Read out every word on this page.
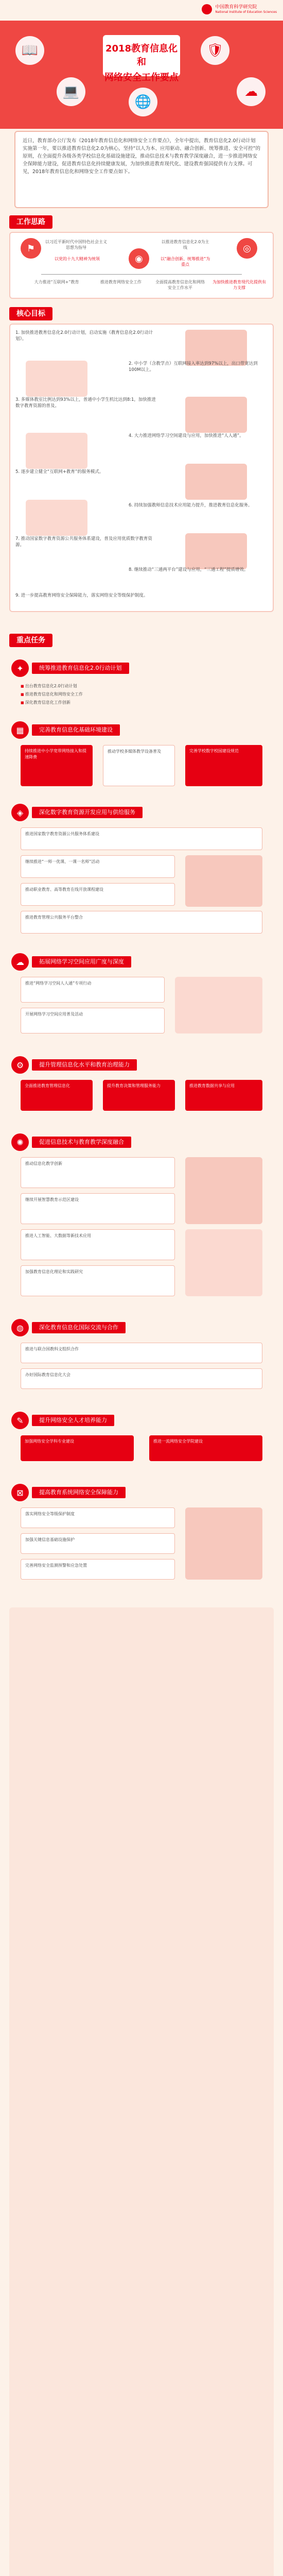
中国教育科学研究院
National Institute of Education Sciences
📖
💻
🛡
☁
🌐
2018教育信息化和
网络安全工作要点

近日，教育部办公厅发布《2018年教育信息化和网络安全工作要点》，全年中提出，教育信息化2.0行动计划实施第一年，要以推进教育信息化2.0为核心，坚持“以人为本、应用驱动、融合创新、统筹推进、安全可控”的原则，在全面提升各级各类学校信息化基础设施建设，推动信息技术与教育教学深度融合，进一步推进网络安全保障能力建设，促进教育信息化持续健康发展，为加快推进教育现代化、建设教育强国提供有力支撑。可见，2018年教育信息化和网络安全工作要点如下。

工作思路
⚑
以习近平新时代中国特色社会主义思想为指导
以党的十九大精神为统领	◉
以推进教育信息化2.0为主线
以“融合创新、统筹推进”为重点
◎
大力推进“互联网+”教育	推进教育网络安全工作	全面提高教育信息化和网络安全工作水平
为加快推进教育现代化提供有力支撑
核心目标
1. 加快推进教育信息化2.0行动计划，启动实施《教育信息化2.0行动计划》。
2. 中小学（含教学点）互联网接入率达到97%以上，出口带宽达到100M以上。
3. 多媒体教室比例达到93%以上，普通中小学生机比达到8:1，加快推进数字教育资源的普及。
4. 大力推进网络学习空间建设与应用，加快推进“人人通”。
5. 逐步建立健全“互联网+教育”的服务模式。
6. 持续加强教师信息技术应用能力提升，推进教育信息化服务。
7. 推动国家数字教育资源公共服务体系建设，普及应用优质数字教育资源。
8. 继续推动“三通两平台”建设与应用，“三通工程”提质增效。
9. 进一步提高教育网络安全保障能力，落实网络安全等级保护制度。
重点任务
✦	统筹推进教育信息化2.0行动计划
■ 出台教育信息化2.0行动计划
■ 推进教育信息化和网络安全工作
■ 深化教育信息化工作创新
▦	完善教育信息化基础环境建设
持续推进中小学宽带网络接入和提速降费
推动学校多媒体教学设备普及	完善学校数字校园建设规范
◈	深化数字教育资源开发应用与供给服务
推进国家数字教育资源公共服务体系建设
继续推进“一师一优课、一课一名师”活动
推动职业教育、高等教育在线开放课程建设
推进教育管理公共服务平台整合
☁	拓展网络学习空间应用广度与深度
推进“网络学习空间人人通”专项行动
开展网络学习空间应用普及活动
⚙	提升管理信息化水平和教育治理能力
全面推进教育管理信息化	提升教育决策和管理服务能力	推进教育数据共享与应用
✺	促进信息技术与教育教学深度融合
推动信息化教学创新
继续开展智慧教育示范区建设
推进人工智能、大数据等新技术应用
加强教育信息化理论和实践研究
◍	深化教育信息化国际交流与合作
推进与联合国教科文组织合作
办好国际教育信息化大会
✎	提升网络安全人才培养能力
加强网络安全学科专业建设	推进一流网络安全学院建设
⊠	提高教育系统网络安全保障能力
落实网络安全等级保护制度
加强关键信息基础设施保护
完善网络安全监测预警和应急处置
